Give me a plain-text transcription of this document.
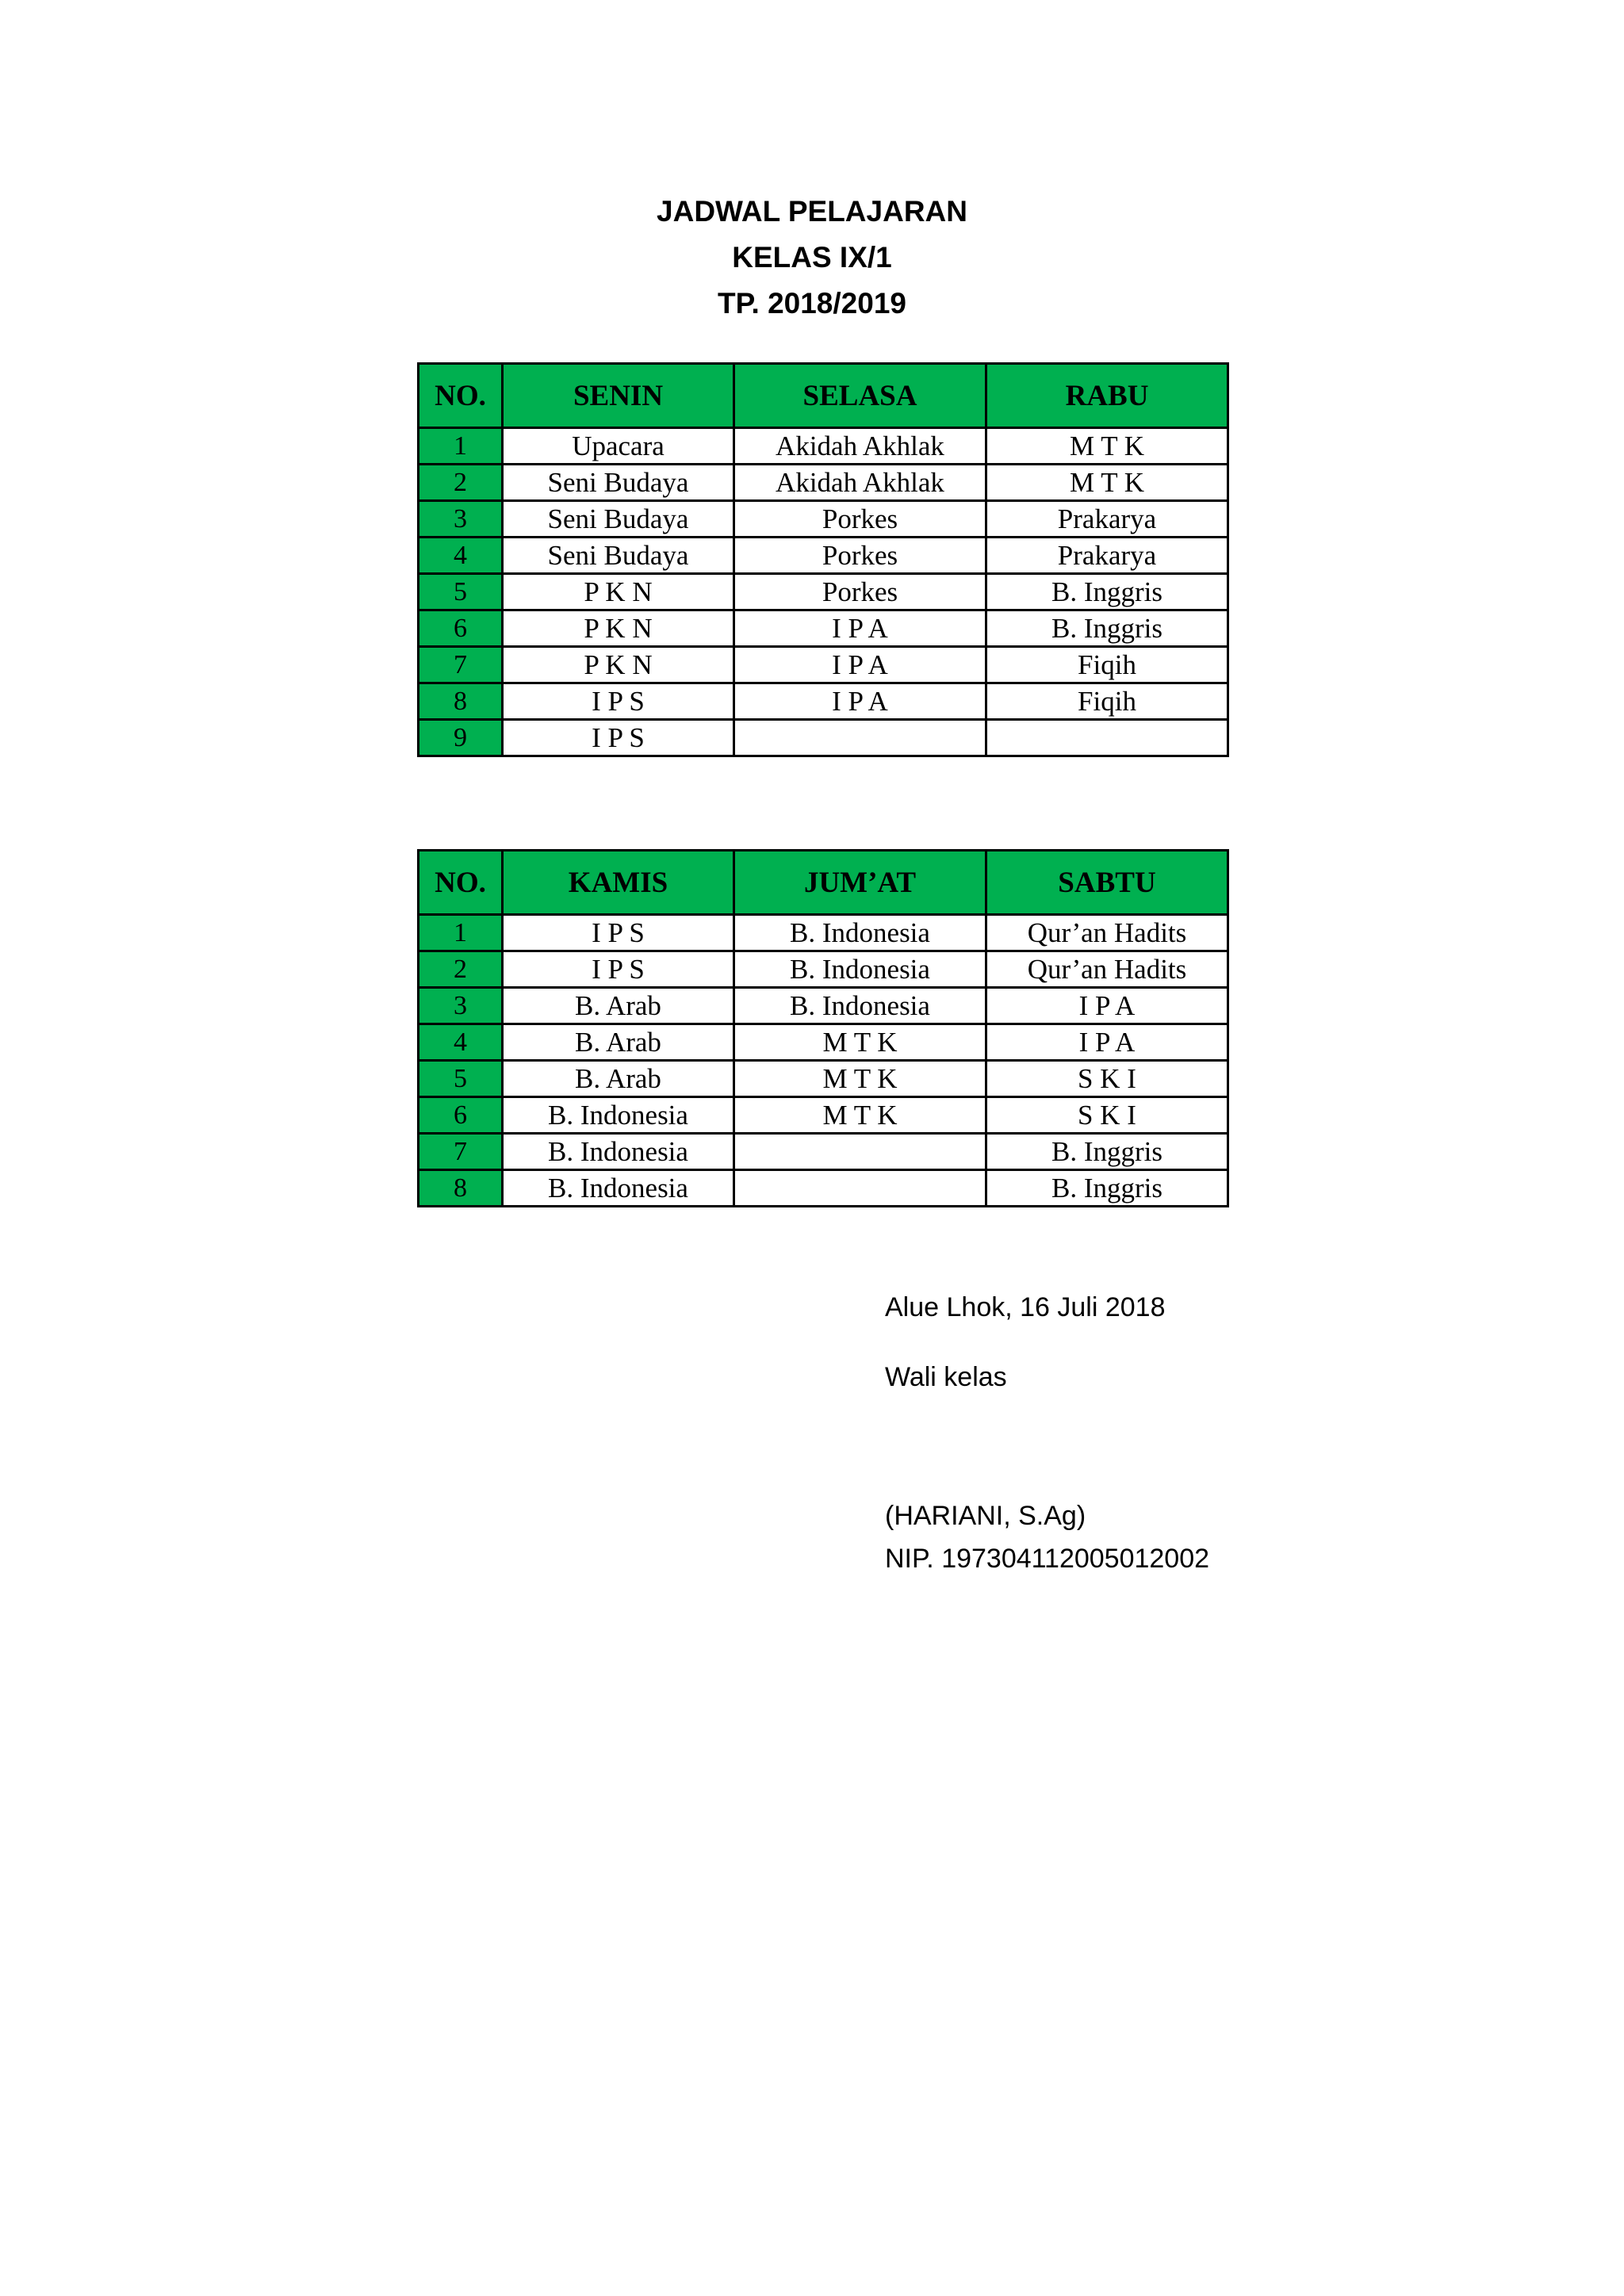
JADWAL PELAJARAN
KELAS IX/1
TP. 2018/2019
NO.	SENIN	SELASA	RABU
1	Upacara	Akidah Akhlak	M T K
2	Seni Budaya	Akidah Akhlak	M T K
3	Seni Budaya	Porkes	Prakarya
4	Seni Budaya	Porkes	Prakarya
5	P K N	Porkes	B. Inggris
6	P K N	I P A	B. Inggris
7	P K N	I P A	Fiqih
8	I P S	I P A	Fiqih
9	I P S		
NO.	KAMIS	JUM’AT	SABTU
1	I P S	B. Indonesia	Qur’an Hadits
2	I P S	B. Indonesia	Qur’an Hadits
3	B. Arab	B. Indonesia	I P A
4	B. Arab	M T K	I P A
5	B. Arab	M T K	S K I
6	B. Indonesia	M T K	S K I
7	B. Indonesia		B. Inggris
8	B. Indonesia		B. Inggris
Alue Lhok, 16 Juli 2018
Wali kelas
(HARIANI, S.Ag)
NIP. 197304112005012002
